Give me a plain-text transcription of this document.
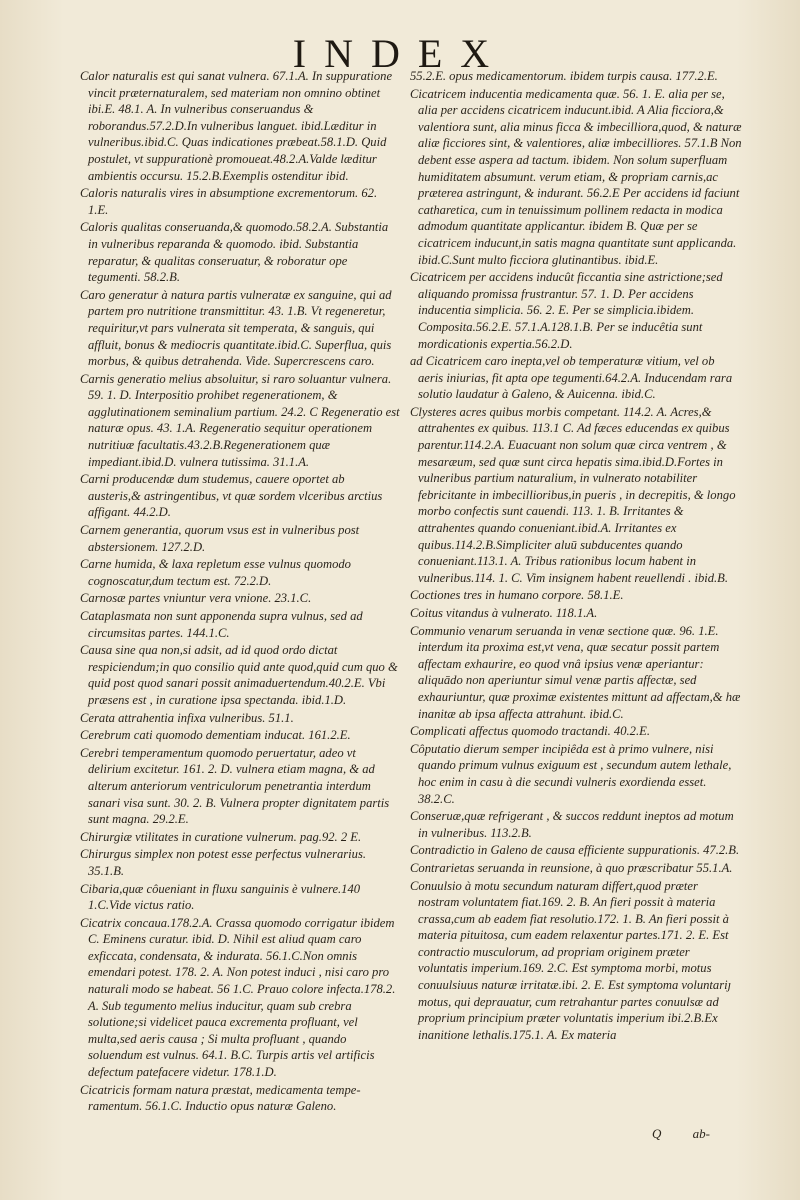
INDEX

Calor naturalis est qui sanat vulnera. 67.1.A. In suppuratione vincit præternaturalem, sed materiam non omnino obtinet ibi.E. 48.1. A. In vulneribus conseruandus & roborandus.57.2.D.In vulneribus languet. ibid.Læditur in vulneribus.ibid.C. Quas indicationes præbeat.58.1.D. Quid postulet, vt suppurationè promoueat.48.2.A.Valde læditur ambientis occursu. 15.2.B.Exemplis ostenditur ibid.

Caloris naturalis vires in absumptione excrementorum. 62. 1.E.

Caloris qualitas conseruanda,& quomodo.58.2.A. Substantia in vulneribus reparanda & quomodo. ibid. Substantia reparatur, & qualitas conseruatur, & roboratur ope tegumenti. 58.2.B.

Caro generatur à natura partis vulneratæ ex sanguine, qui ad partem pro nutritione transmittitur. 43. 1.B. Vt regeneretur, requiritur,vt pars vulnerata sit temperata, & sanguis, qui affluit, bonus & mediocris quantitate.ibid.C. Superflua, quis morbus, & quibus detrahenda. Vide. Supercrescens caro.

Carnis generatio melius absoluitur, si raro soluantur vulnera. 59. 1. D. Interpositio prohibet regenerationem, & agglutinationem seminalium partium. 24.2. C Regeneratio est naturæ opus. 43. 1.A. Regeneratio sequitur operationem nutritiuæ facultatis.43.2.B.Regenerationem quæ impediant.ibid.D. vulnera tutissima. 31.1.A.

Carni producendæ dum studemus, cauere oportet ab austeris,& astringentibus, vt quæ sordem vlceribus arctius affigant. 44.2.D.

Carnem generantia, quorum vsus est in vulneribus post abstersionem. 127.2.D.

Carne humida, & laxa repletum esse vulnus quomodo cognoscatur,dum tectum est. 72.2.D.

Carnosæ partes vniuntur vera vnione. 23.1.C.

Cataplasmata non sunt apponenda supra vulnus, sed ad circumsitas partes. 144.1.C.

Causa sine qua non,si adsit, ad id quod ordo dictat respiciendum;in quo consilio quid ante quod,quid cum quo & quid post quod sanari possit animaduertendum.40.2.E. Vbi præsens est , in curatione ipsa spectanda. ibid.1.D.

Cerata attrahentia infixa vulneribus. 51.1.

Cerebrum cati quomodo dementiam inducat. 161.2.E.

Cerebri temperamentum quomodo peruertatur, adeo vt delirium excitetur. 161. 2. D. vulnera etiam magna, & ad alterum anteriorum ventriculorum penetrantia interdum sanari visa sunt. 30. 2. B. Vulnera propter dignitatem partis sunt magna. 29.2.E.

Chirurgiæ vtilitates in curatione vulnerum. pag.92. 2 E.

Chirurgus simplex non potest esse perfectus vulnerarius. 35.1.B.

Cibaria,quæ côueniant in fluxu sanguinis è vulnere.140 1.C.Vide victus ratio.

Cicatrix concaua.178.2.A. Crassa quomodo corrigatur ibidem C. Eminens curatur. ibid. D. Nihil est aliud quam caro exficcata, condensata, & indurata. 56.1.C.Non omnis emendari potest. 178. 2. A. Non potest induci , nisi caro pro naturali modo se habeat. 56 1.C. Prauo colore infecta.178.2. A. Sub tegumento melius inducitur, quam sub crebra solutione;si videlicet pauca excrementa profluant, vel multa,sed aeris causa ; Si multa profluant , quando soluendum est vulnus. 64.1. B.C. Turpis artis vel artificis defectum patefacere videtur. 178.1.D.

Cicatricis formam natura præstat, medicamenta temperamentum. 56.1.C. Inductio opus naturæ Galeno.

55.2.E. opus medicamentorum. ibidem turpis causa. 177.2.E.

Cicatricem inducentia medicamenta quæ. 56. 1. E. alia per se, alia per accidens cicatricem inducunt.ibid. A Alia ficciora,& valentiora sunt, alia minus ficca & imbecilliora,quod, & naturæ aliæ ficciores sint, & valentiores, aliæ imbecilliores. 57.1.B Non debent esse aspera ad tactum. ibidem. Non solum superfluam humiditatem absumunt. verum etiam, & propriam carnis,ac præterea astringunt, & indurant. 56.2.E Per accidens id faciunt catharetica, cum in tenuissimum pollinem redacta in modica admodum quantitate applicantur. ibidem B. Quæ per se cicatricem inducunt,in satis magna quantitate sunt applicanda. ibid.C.Sunt multo ficciora glutinantibus. ibid.E.

Cicatricem per accidens inducût ficcantia sine astrictione;sed aliquando promissa frustrantur. 57. 1. D. Per accidens inducentia simplicia. 56. 2. E. Per se simplicia.ibidem. Composita.56.2.E. 57.1.A.128.1.B. Per se inducêtia sunt mordicationis expertia.56.2.D.

ad Cicatricem caro inepta,vel ob temperaturæ vitium, vel ob aeris iniurias, fit apta ope tegumenti.64.2.A. Inducendam rara solutio laudatur à Galeno, & Auicenna. ibid.C.

Clysteres acres quibus morbis competant. 114.2. A. Acres,& attrahentes ex quibus. 113.1 C. Ad fæces educendas ex quibus parentur.114.2.A. Euacuant non solum quæ circa ventrem , & mesaræum, sed quæ sunt circa hepatis sima.ibid.D.Fortes in vulneribus partium naturalium, in vulnerato notabiliter febricitante in imbecillioribus,in pueris , in decrepitis, & longo morbo confectis sunt cauendi. 113. 1. B. Irritantes & attrahentes quando conueniant.ibid.A. Irritantes ex quibus.114.2.B.Simpliciter aluū subducentes quando conueniant.113.1. A. Tribus rationibus locum habent in vulneribus.114. 1. C. Vim insignem habent reuellendi . ibid.B.

Coctiones tres in humano corpore. 58.1.E.

Coitus vitandus à vulnerato. 118.1.A.

Communio venarum seruanda in venæ sectione quæ. 96. 1.E. interdum ita proxima est,vt vena, quæ secatur possit partem affectam exhaurire, eo quod vnâ ipsius venæ aperiantur: aliquādo non aperiuntur simul venæ partis affectæ, sed exhauriuntur, quæ proximæ existentes mittunt ad affectam,& hæ inanitæ ab ipsa affecta attrahunt. ibid.C.

Complicati affectus quomodo tractandi. 40.2.E.

Côputatio dierum semper incipiêda est à primo vulnere, nisi quando primum vulnus exiguum est , secundum autem lethale, hoc enim in casu à die secundi vulneris exordienda esset. 38.2.C.

Conseruæ,quæ refrigerant , & succos reddunt ineptos ad motum in vulneribus. 113.2.B.

Contradictio in Galeno de causa efficiente suppurationis. 47.2.B.

Contrarietas seruanda in reunsione, à quo præscribatur 55.1.A.

Conuulsio à motu secundum naturam differt,quod præter nostram voluntatem fiat.169. 2. B. An fieri possit à materia crassa,cum ab eadem fiat resolutio.172. 1. B. An fieri possit à materia pituitosa, cum eadem relaxentur partes.171. 2. E. Est contractio musculorum, ad propriam originem præter voluntatis imperium.169. 2.C. Est symptoma morbi, motus conuulsiuus naturæ irritatæ.ibi. 2. E. Est symptoma voluntariȷ motus, qui deprauatur, cum retrahantur partes conuulsæ ad proprium principium præter voluntatis imperium ibi.2.B.Ex inanitione lethalis.175.1. A. Ex materia

Q ab-
